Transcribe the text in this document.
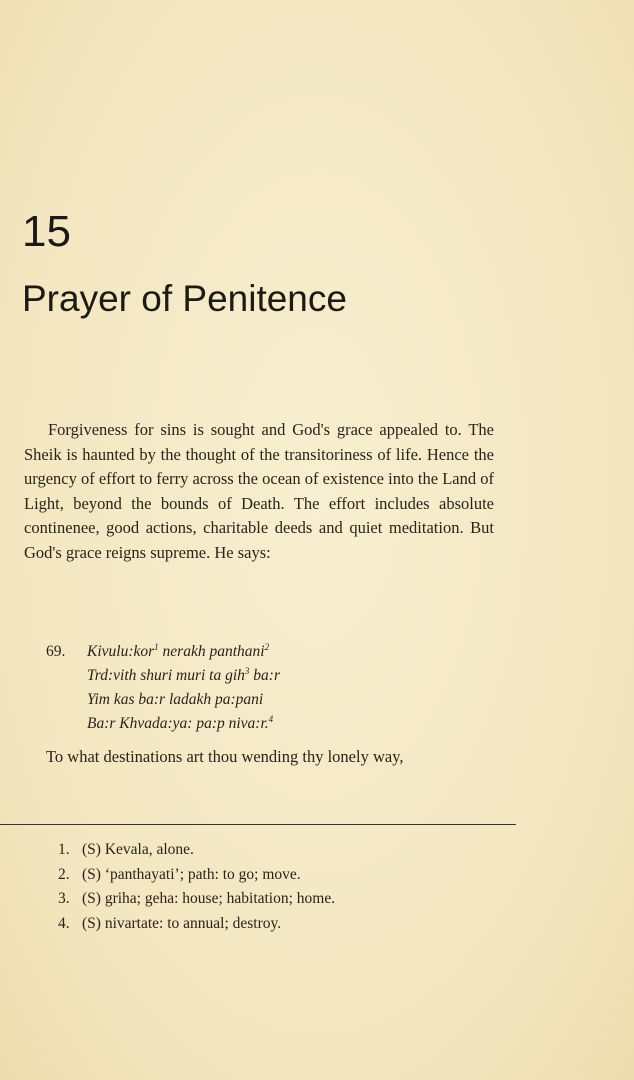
15
Prayer of Penitence

Forgiveness for sins is sought and God's grace appealed to. The Sheik is haunted by the thought of the transitoriness of life. Hence the urgency of effort to ferry across the ocean of existence into the Land of Light, beyond the bounds of Death. The effort includes absolute continenee, good actions, charitable deeds and quiet meditation. But God's grace reigns supreme. He says:

69. Kivulu:kor$^1$ nerakh panthani$^2$
Trd:vith shuri muri ta gih$^3$ ba:r
Yim kas ba:r ladakh pa:pani
Ba:r Khvada:ya: pa:p niva:r.$^4$

To what destinations art thou wending thy lonely way,

1. (S) Kevala, alone.
2. (S) ‘panthayati’; path: to go; move.
3. (S) griha; geha: house; habitation; home.
4. (S) nivartate: to annual; destroy.
